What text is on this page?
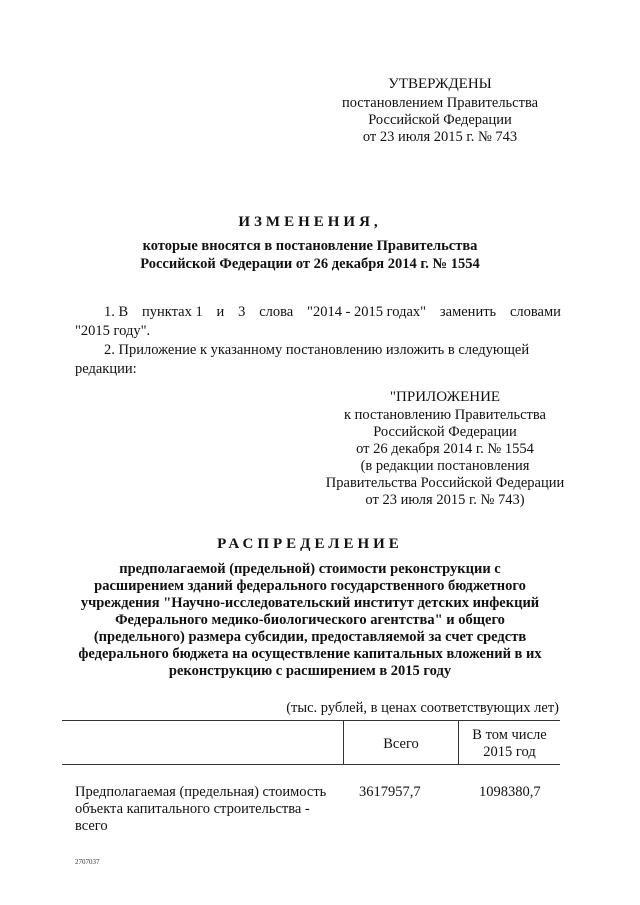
УТВЕРЖДЕНЫ
постановлением Правительства
Российской Федерации
от 23 июля 2015 г. № 743
ИЗМЕНЕНИЯ,
которые вносятся в постановление Правительства
Российской Федерации от 26 декабря 2014 г. № 1554
1. В пунктах 1 и 3 слова "2014 - 2015 годах" заменить словами
"2015 году".
2. Приложение к указанному постановлению изложить в следующей
редакции:
"ПРИЛОЖЕНИЕ
к постановлению Правительства
Российской Федерации
от 26 декабря 2014 г. № 1554
(в редакции постановления
Правительства Российской Федерации
от 23 июля 2015 г. № 743)
РАСПРЕДЕЛЕНИЕ
предполагаемой (предельной) стоимости реконструкции с
расширением зданий федерального государственного бюджетного
учреждения "Научно-исследовательский институт детских инфекций
Федерального медико-биологического агентства" и общего
(предельного) размера субсидии, предоставляемой за счет средств
федерального бюджета на осуществление капитальных вложений в их
реконструкцию с расширением в 2015 году
(тыс. рублей, в ценах соответствующих лет)
Всего
В том числе
2015 год
Предполагаемая (предельная) стоимость
объекта капитального строительства -
всего
3617957,7	1098380,7
2707037
